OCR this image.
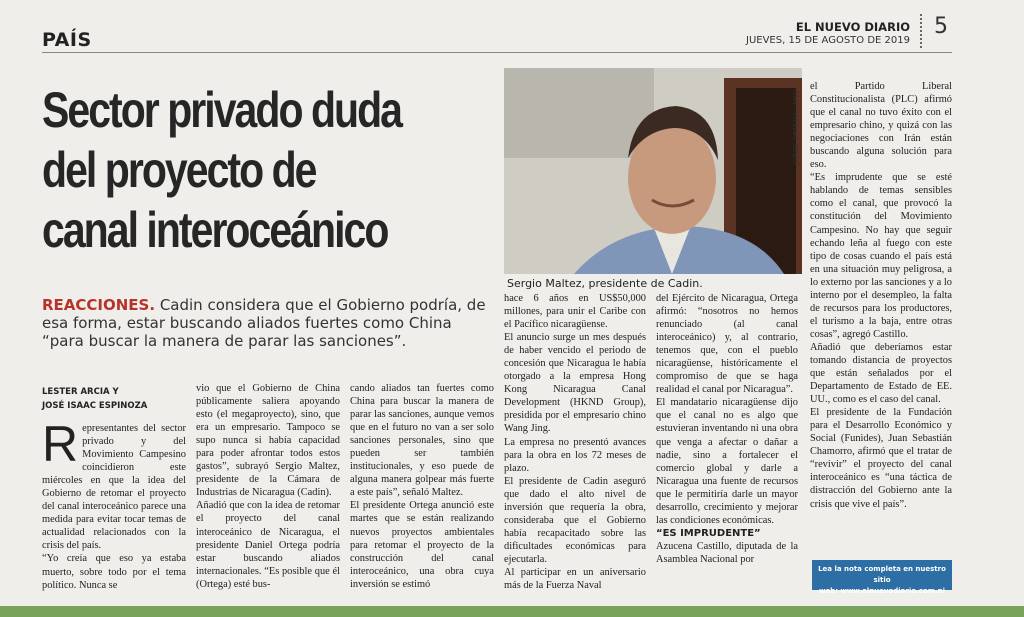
PAÍS
EL NUEVO DIARIO
JUEVES, 15 DE AGOSTO DE 2019
5
Sector privado duda del proyecto de canal interoceánico
JORGE ORTEGA / END
Sergio Maltez, presidente de Cadin.
REACCIONES. Cadin considera que el Gobierno podría, de esa forma, estar buscando aliados fuertes como China “para buscar la manera de parar las sanciones”.
LESTER ARCIA Y
JOSÉ ISAAC ESPINOZA
R epresentantes del sector privado y del Movimiento Campesino coincidieron este miércoles en que la idea del Gobierno de retomar el proyecto del canal interoceánico parece una medida para evitar tocar temas de actualidad relacionados con la crisis del país.

“Yo creía que eso ya estaba muerto, sobre todo por el tema político. Nunca se

vio que el Gobierno de China públicamente saliera apoyando esto (el megaproyecto), sino, que era un empresario. Tampoco se supo nunca si había capacidad para poder afrontar todos estos gastos”, subrayó Sergio Maltez, presidente de la Cámara de Industrias de Nicaragua (Cadin).

Añadió que con la idea de retomar el proyecto del canal interoceánico de Nicaragua, el presidente Daniel Ortega podría estar buscando aliados internacionales. “Es posible que él (Ortega) esté bus-

cando aliados tan fuertes como China para buscar la manera de parar las sanciones, aunque vemos que en el futuro no van a ser solo sanciones personales, sino que pueden ser también institucionales, y eso puede de alguna manera golpear más fuerte a este país”, señaló Maltez.

El presidente Ortega anunció este martes que se están realizando nuevos proyectos ambientales para retomar el proyecto de la construcción del canal interoceánico, una obra cuya inversión se estimó

hace 6 años en US$50,000 millones, para unir el Caribe con el Pacífico nicaragüense.

El anuncio surge un mes después de haber vencido el periodo de concesión que Nicaragua le había otorgado a la empresa Hong Kong Nicaragua Canal Development (HKND Group), presidida por el empresario chino Wang Jing.

La empresa no presentó avances para la obra en los 72 meses de plazo.

El presidente de Cadin aseguró que dado el alto nivel de inversión que requería la obra, consideraba que el Gobierno había recapacitado sobre las dificultades económicas para ejecutarla.

Al participar en un aniversario más de la Fuerza Naval

del Ejército de Nicaragua, Ortega afirmó: “nosotros no hemos renunciado (al canal interoceánico) y, al contrario, tenemos que, con el pueblo nicaragüense, históricamente el compromiso de que se haga realidad el canal por Nicaragua”.

El mandatario nicaragüense dijo que el canal no es algo que estuvieran inventando ni una obra que venga a afectar o dañar a nadie, sino a fortalecer el comercio global y darle a Nicaragua una fuente de recursos que le permitiría darle un mayor desarrollo, crecimiento y mejorar las condiciones económicas.

“ES IMPRUDENTE”

Azucena Castillo, diputada de la Asamblea Nacional por

el Partido Liberal Constitucionalista (PLC) afirmó que el canal no tuvo éxito con el empresario chino, y quizá con las negociaciones con Irán están buscando alguna solución para eso.

“Es imprudente que se esté hablando de temas sensibles como el canal, que provocó la constitución del Movimiento Campesino. No hay que seguir echando leña al fuego con este tipo de cosas cuando el país está en una situación muy peligrosa, a lo externo por las sanciones y a lo interno por el desempleo, la falta de recursos para los productores, el turismo a la baja, entre otras cosas”, agregó Castillo.

Añadió que deberíamos estar tomando distancia de proyectos que están señalados por el Departamento de Estado de EE. UU., como es el caso del canal.

El presidente de la Fundación para el Desarrollo Económico y Social (Funides), Juan Sebastián Chamorro, afirmó que el tratar de “revivir” el proyecto del canal interoceánico es “una táctica de distracción del Gobierno ante la crisis que vive el país”.

Lea la nota completa en nuestro sitio
web: www.elnuevodiario.com.ni
